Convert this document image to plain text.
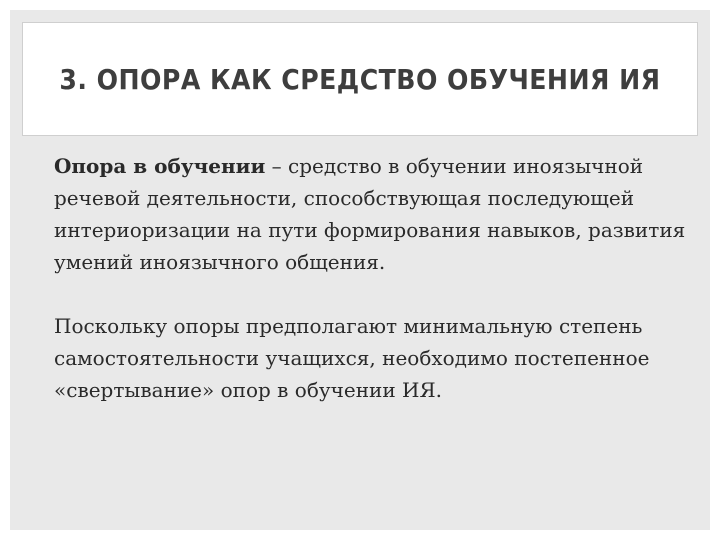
3. ОПОРА КАК СРЕДСТВО ОБУЧЕНИЯ ИЯ

Опора в обучении – средство в обучении иноязычной речевой деятельности, способствующая последующей интериоризации на пути формирования навыков, развития умений иноязычного общения.

Поскольку опоры предполагают минимальную степень самостоятельности учащихся, необходимо постепенное «свертывание» опор в обучении ИЯ.
